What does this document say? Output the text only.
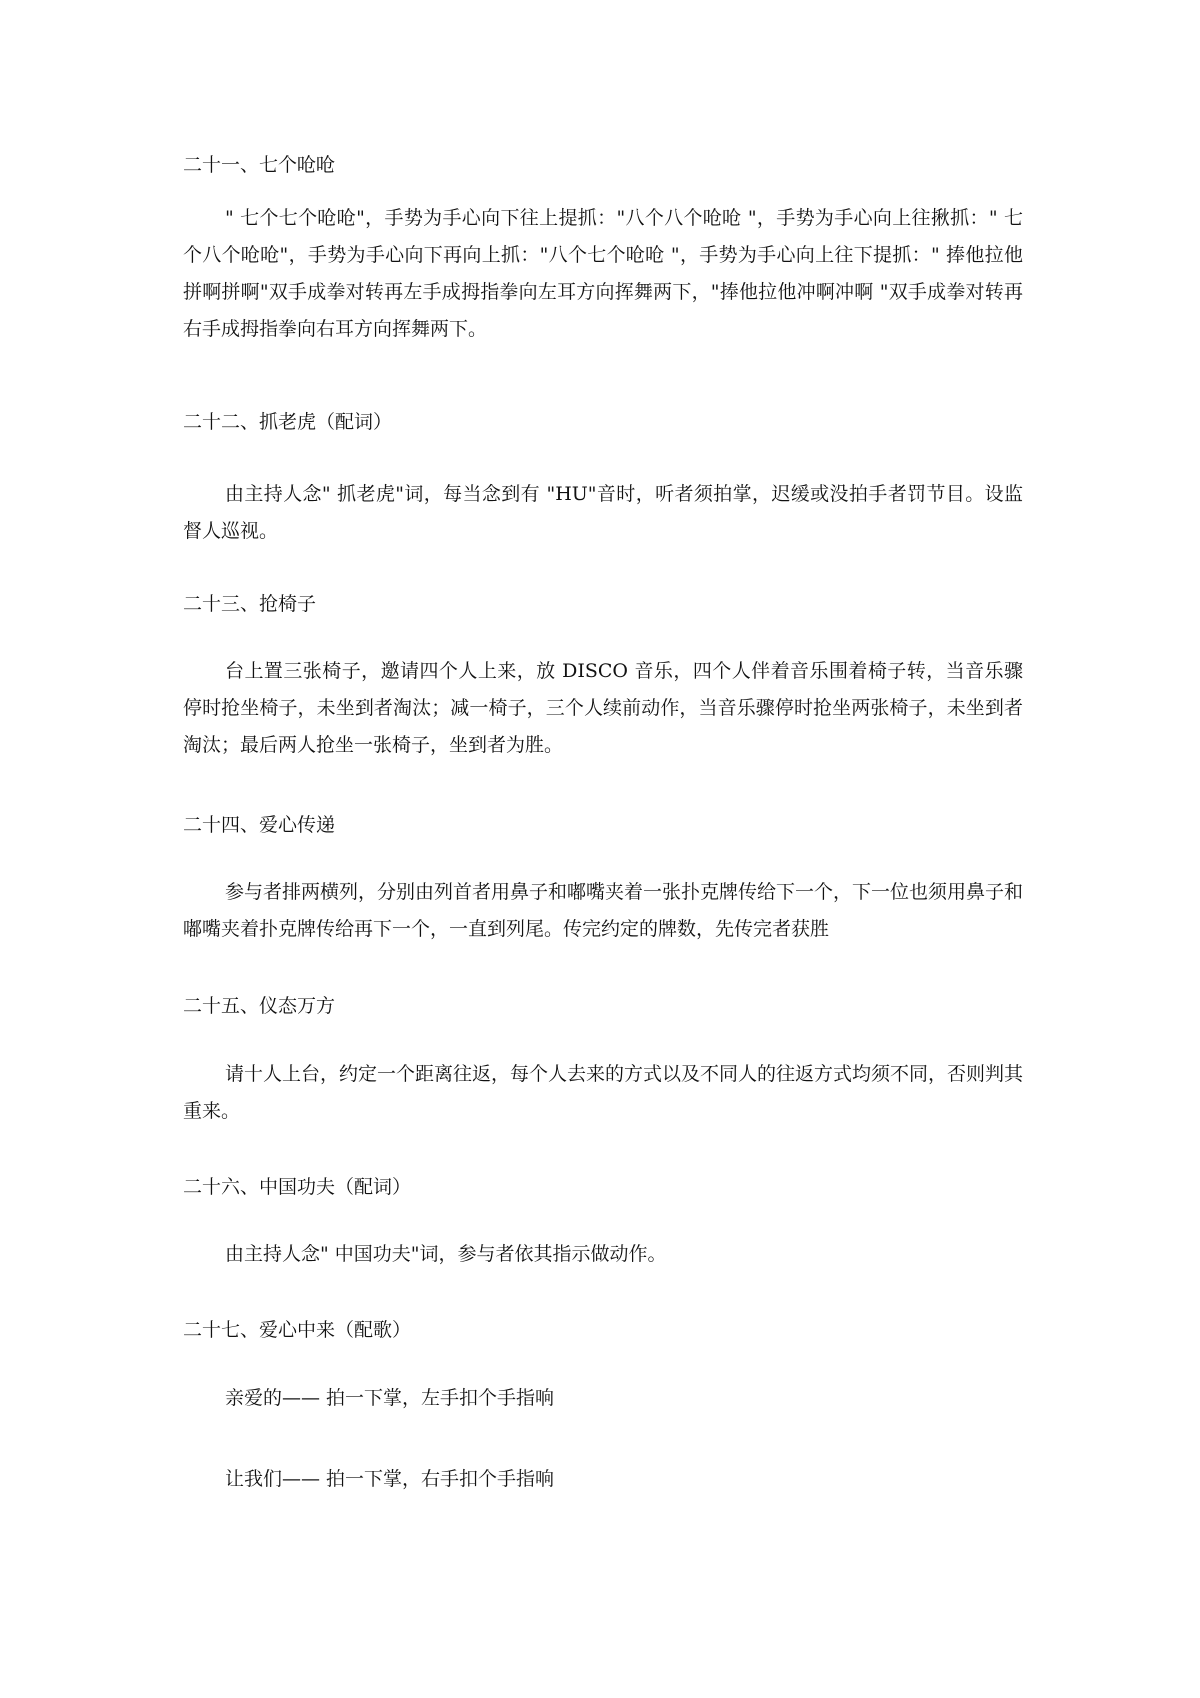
二十一、七个呛呛
" 七个七个呛呛"，手势为手心向下往上提抓："八个八个呛呛 "，手势为手心向上往揪抓：" 七个八个呛呛"，手势为手心向下再向上抓："八个七个呛呛 "，手势为手心向上往下提抓：" 捧他拉他拼啊拼啊"双手成拳对转再左手成拇指拳向左耳方向挥舞两下，"捧他拉他冲啊冲啊 "双手成拳对转再右手成拇指拳向右耳方向挥舞两下。
二十二、抓老虎（配词）
由主持人念" 抓老虎"词，每当念到有 "HU"音时，听者须拍掌，迟缓或没拍手者罚节目。设监督人巡视。
二十三、抢椅子
台上置三张椅子，邀请四个人上来，放 DISCO 音乐，四个人伴着音乐围着椅子转，当音乐骤停时抢坐椅子，未坐到者淘汰；减一椅子，三个人续前动作，当音乐骤停时抢坐两张椅子，未坐到者淘汰；最后两人抢坐一张椅子，坐到者为胜。
二十四、爱心传递
参与者排两横列，分别由列首者用鼻子和嘟嘴夹着一张扑克牌传给下一个，下一位也须用鼻子和嘟嘴夹着扑克牌传给再下一个，一直到列尾。传完约定的牌数，先传完者获胜
二十五、仪态万方
请十人上台，约定一个距离往返，每个人去来的方式以及不同人的往返方式均须不同，否则判其重来。
二十六、中国功夫（配词）
由主持人念" 中国功夫"词，参与者依其指示做动作。
二十七、爱心中来（配歌）
亲爱的—— 拍一下掌，左手扣个手指响
让我们—— 拍一下掌，右手扣个手指响
